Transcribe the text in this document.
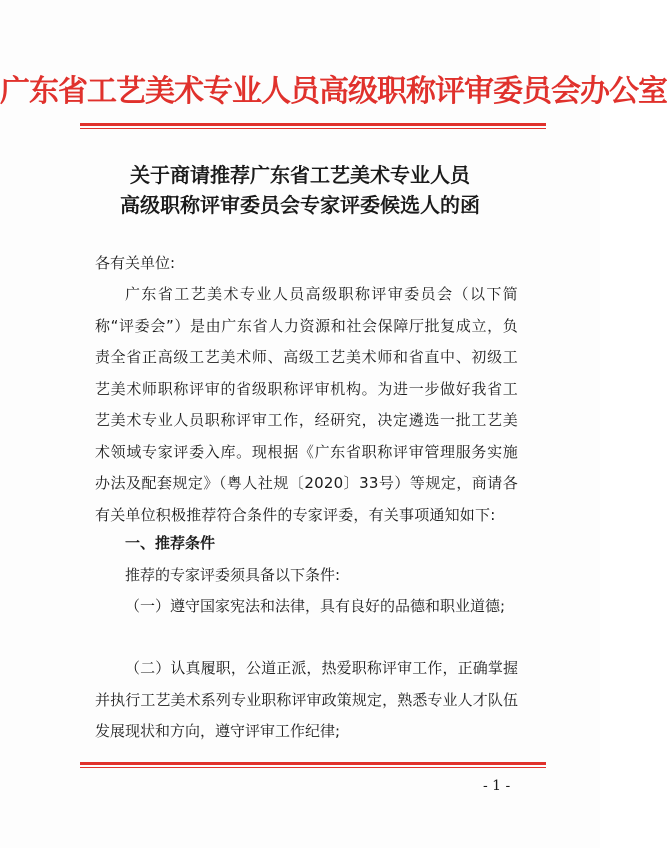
广东省工艺美术专业人员高级职称评审委员会办公室
关于商请推荐广东省工艺美术专业人员
高级职称评审委员会专家评委候选人的函
各有关单位:
广东省工艺美术专业人员高级职称评审委员会（以下简称“评委会”）是由广东省人力资源和社会保障厅批复成立，负责全省正高级工艺美术师、高级工艺美术师和省直中、初级工艺美术师职称评审的省级职称评审机构。为进一步做好我省工艺美术专业人员职称评审工作，经研究，决定遴选一批工艺美术领域专家评委入库。现根据《广东省职称评审管理服务实施办法及配套规定》（粤人社规〔2020〕33号）等规定，商请各有关单位积极推荐符合条件的专家评委，有关事项通知如下:
一、推荐条件
推荐的专家评委须具备以下条件:
（一）遵守国家宪法和法律，具有良好的品德和职业道德;
（二）认真履职，公道正派，热爱职称评审工作，正确掌握并执行工艺美术系列专业职称评审政策规定，熟悉专业人才队伍发展现状和方向，遵守评审工作纪律;
- 1 -
